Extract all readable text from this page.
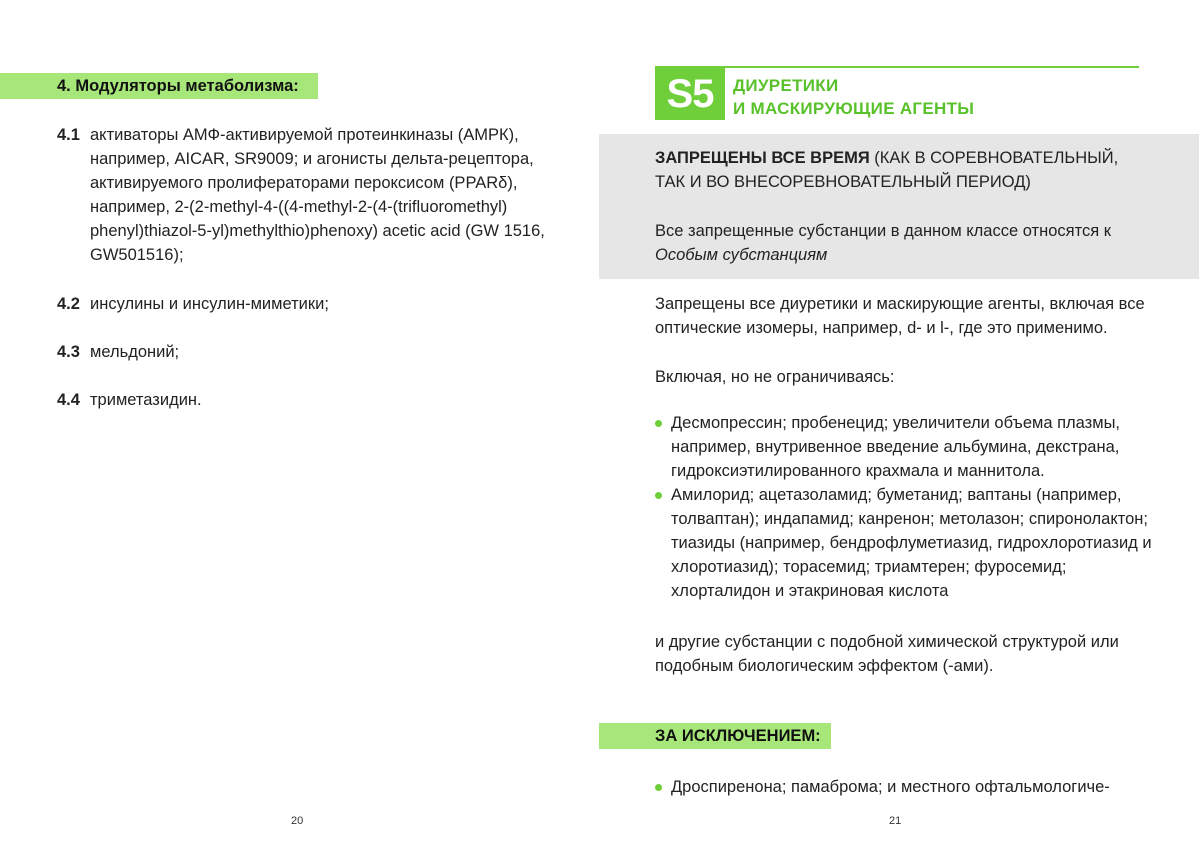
4. Модуляторы метаболизма:
4.1 активаторы АМФ-активируемой протеинкиназы (АМРК), например, AICAR, SR9009; и агонисты дельта-рецептора, активируемого пролифераторами пероксисом (PPARδ), например, 2-(2-methyl-4-((4-methyl-2-(4-(trifluoromethyl) phenyl)thiazol-5-yl)methylthio)phenoxy) acetic acid (GW 1516, GW501516);
4.2 инсулины и инсулин-миметики;
4.3 мельдоний;
4.4 триметазидин.
20
S5	ДИУРЕТИКИ
И МАСКИРУЮЩИЕ АГЕНТЫ
ЗАПРЕЩЕНЫ ВСЕ ВРЕМЯ (КАК В СОРЕВНОВАТЕЛЬНЫЙ, ТАК И ВО ВНЕСОРЕВНОВАТЕЛЬНЫЙ ПЕРИОД)
Все запрещенные субстанции в данном классе относятся к Особым субстанциям
Запрещены все диуретики и маскирующие агенты, включая все оптические изомеры, например, d- и l-, где это применимо.
Включая, но не ограничиваясь:
Десмопрессин; пробенецид; увеличители объема плазмы, например, внутривенное введение альбумина, декстрана, гидроксиэтилированного крахмала и маннитола.
Амилорид; ацетазоламид; буметанид; ваптаны (например, толваптан); индапамид; канренон; метолазон; спиронолактон; тиазиды (например, бендрофлуметиазид, гидрохлоротиазид и хлоротиазид); торасемид; триамтерен; фуросемид; хлорталидон и этакриновая кислота
и другие субстанции с подобной химической структурой или подобным биологическим эффектом (-ами).
ЗА ИСКЛЮЧЕНИЕМ:
Дроспиренона; памаброма; и местного офтальмологиче-
21
